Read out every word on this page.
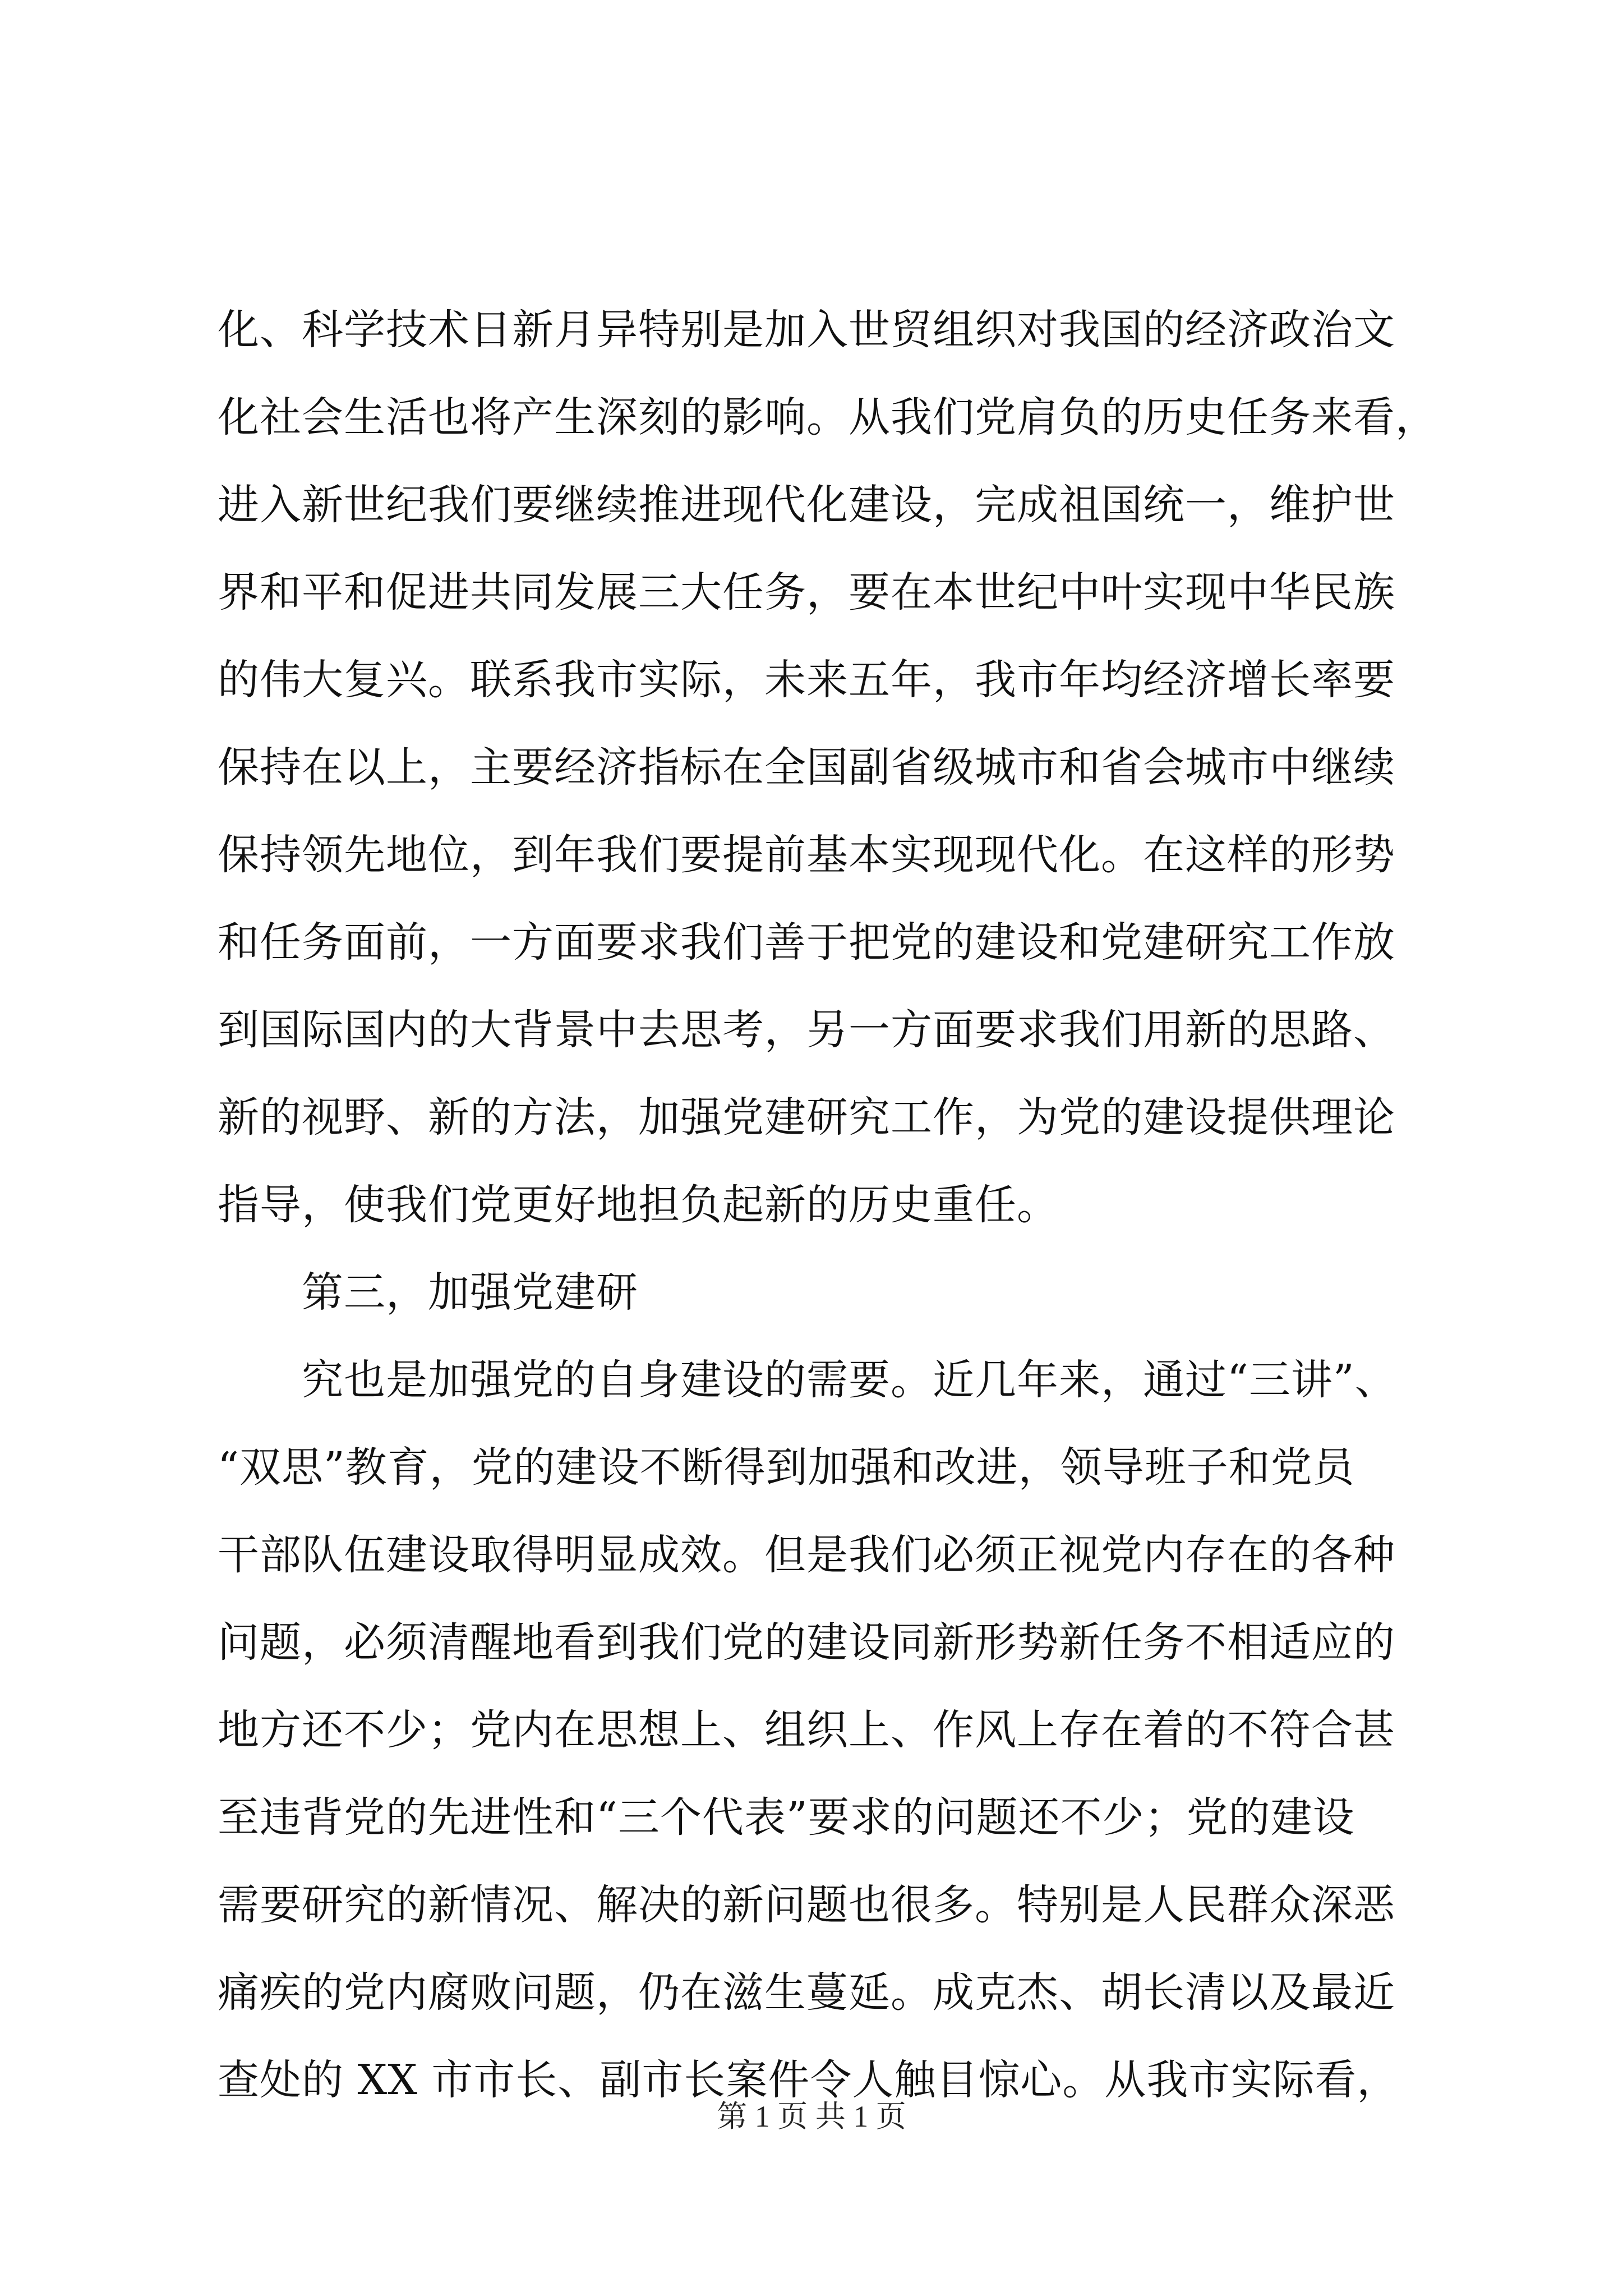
化、科学技术日新月异特别是加入世贸组织对我国的经济政治文
化社会生活也将产生深刻的影响。从我们党肩负的历史任务来看，
进入新世纪我们要继续推进现代化建设，完成祖国统一，维护世
界和平和促进共同发展三大任务，要在本世纪中叶实现中华民族
的伟大复兴。联系我市实际，未来五年，我市年均经济增长率要
保持在以上，主要经济指标在全国副省级城市和省会城市中继续
保持领先地位，到年我们要提前基本实现现代化。在这样的形势
和任务面前，一方面要求我们善于把党的建设和党建研究工作放
到国际国内的大背景中去思考，另一方面要求我们用新的思路、
新的视野、新的方法，加强党建研究工作，为党的建设提供理论
指导，使我们党更好地担负起新的历史重任。
第三，加强党建研
究也是加强党的自身建设的需要。近几年来，通过“三讲”、
“双思”教育，党的建设不断得到加强和改进，领导班子和党员
干部队伍建设取得明显成效。但是我们必须正视党内存在的各种
问题，必须清醒地看到我们党的建设同新形势新任务不相适应的
地方还不少；党内在思想上、组织上、作风上存在着的不符合甚
至违背党的先进性和“三个代表”要求的问题还不少；党的建设
需要研究的新情况、解决的新问题也很多。特别是人民群众深恶
痛疾的党内腐败问题，仍在滋生蔓延。成克杰、胡长清以及最近
查处的 XX 市市长、副市长案件令人触目惊心。从我市实际看，
第 1 页 共 1 页
